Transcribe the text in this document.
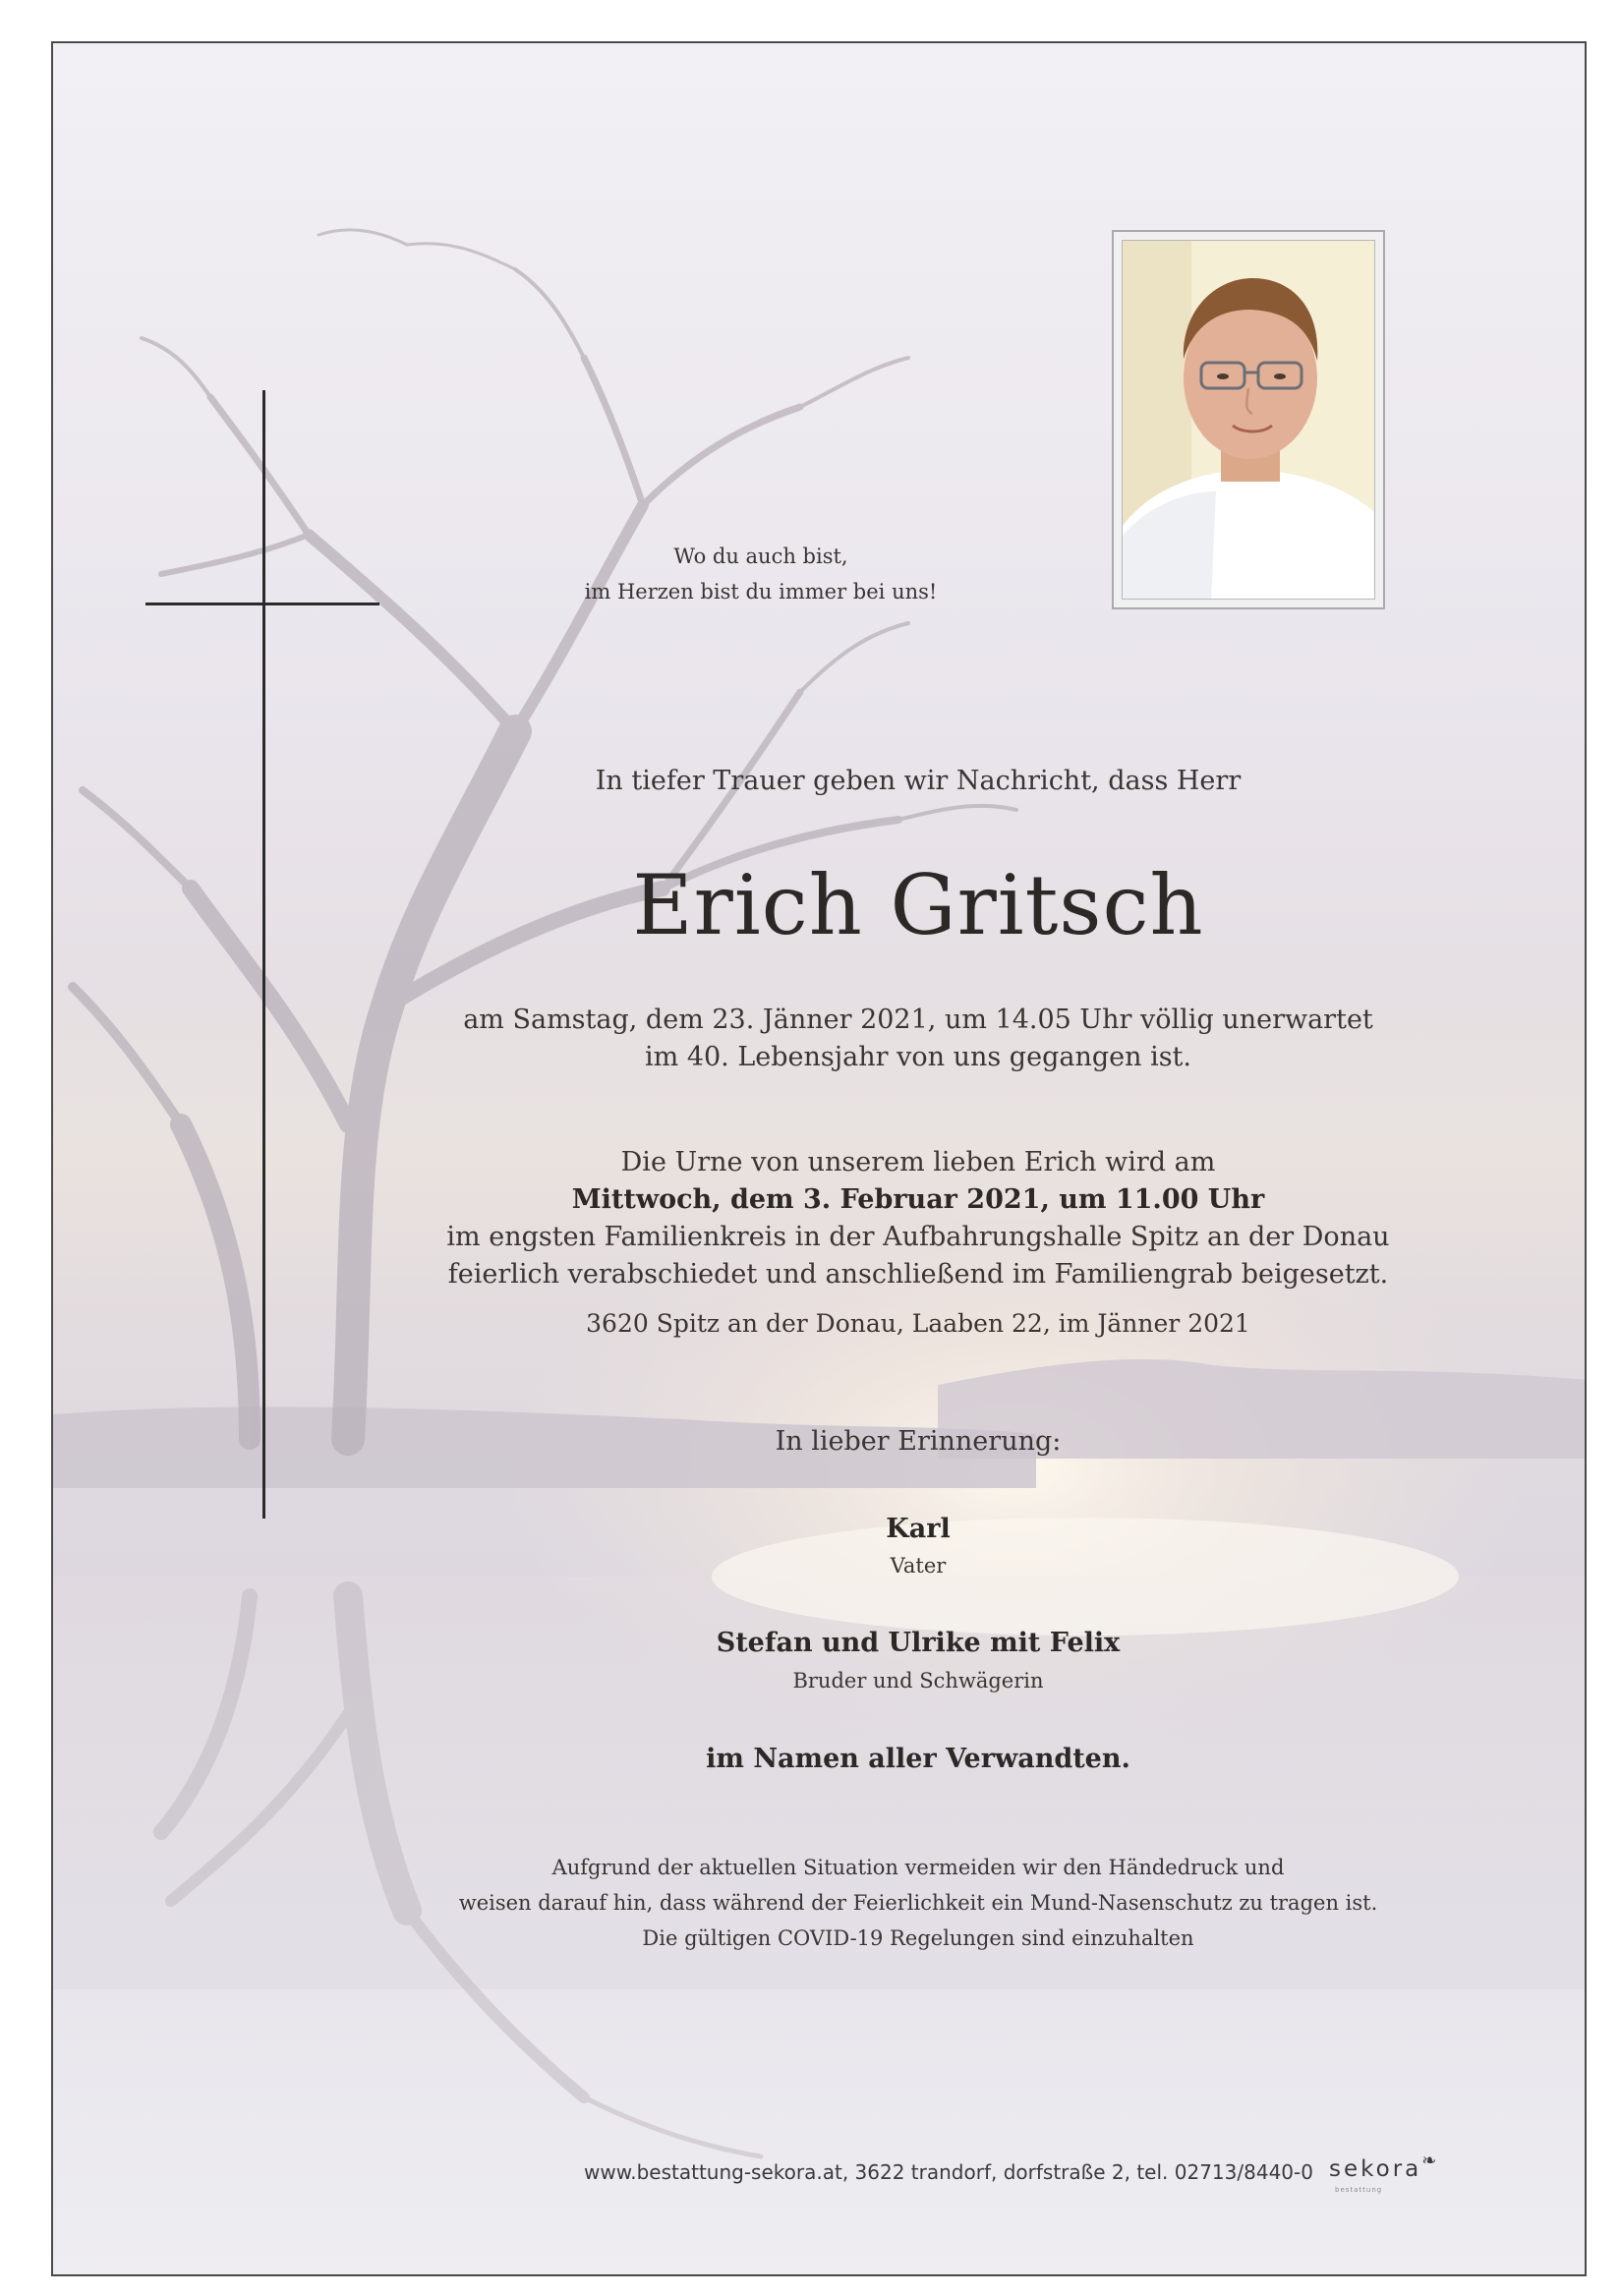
Wo du auch bist,
im Herzen bist du immer bei uns!
In tiefer Trauer geben wir Nachricht, dass Herr
Erich Gritsch
am Samstag, dem 23. Jänner 2021, um 14.05 Uhr völlig unerwartet
im 40. Lebensjahr von uns gegangen ist.
Die Urne von unserem lieben Erich wird am
Mittwoch, dem 3. Februar 2021, um 11.00 Uhr
im engsten Familienkreis in der Aufbahrungshalle Spitz an der Donau
feierlich verabschiedet und anschließend im Familiengrab beigesetzt.
3620 Spitz an der Donau, Laaben 22, im Jänner 2021
In lieber Erinnerung:
Karl
Vater
Stefan und Ulrike mit Felix
Bruder und Schwägerin
im Namen aller Verwandten.
Aufgrund der aktuellen Situation vermeiden wir den Händedruck und
weisen darauf hin, dass während der Feierlichkeit ein Mund-Nasenschutz zu tragen ist.
Die gültigen COVID-19 Regelungen sind einzuhalten
www.bestattung-sekora.at, 3622 trandorf, dorfstraße 2, tel. 02713/8440-0 sekora❧
bestattung
